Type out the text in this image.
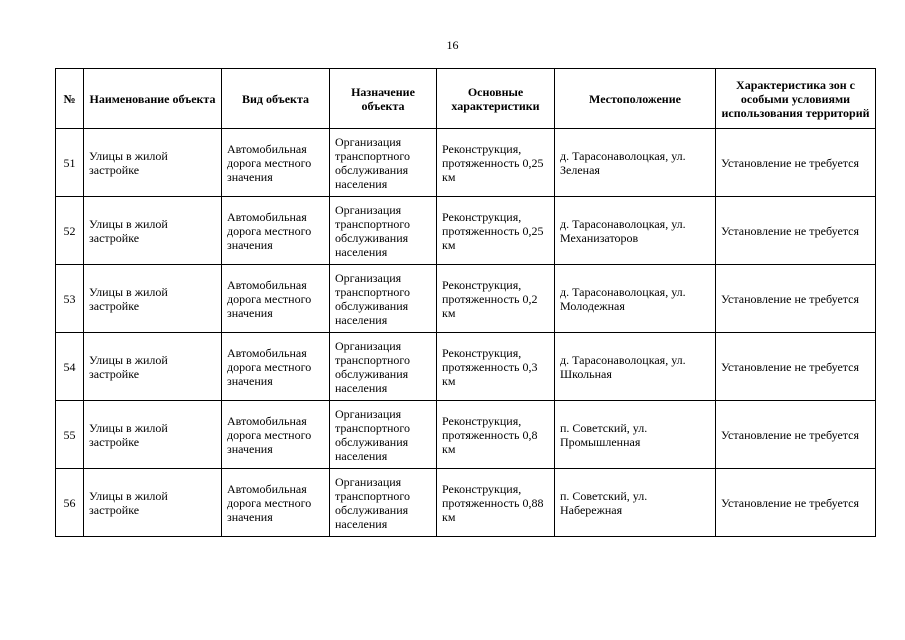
16
№	Наименование объекта	Вид объекта	Назначение объекта	Основные характеристики	Местоположение	Характеристика зон с особыми условиями использования территорий
51	Улицы в жилой застройке	Автомобильная дорога местного значения	Организация транспортного обслуживания населения	Реконструкция, протяженность 0,25 км	д. Тарасонаволоцкая, ул. Зеленая	Установление не требуется
52	Улицы в жилой застройке	Автомобильная дорога местного значения	Организация транспортного обслуживания населения	Реконструкция, протяженность 0,25 км	д. Тарасонаволоцкая, ул. Механизаторов	Установление не требуется
53	Улицы в жилой застройке	Автомобильная дорога местного значения	Организация транспортного обслуживания населения	Реконструкция, протяженность 0,2 км	д. Тарасонаволоцкая, ул. Молодежная	Установление не требуется
54	Улицы в жилой застройке	Автомобильная дорога местного значения	Организация транспортного обслуживания населения	Реконструкция, протяженность 0,3 км	д. Тарасонаволоцкая, ул. Школьная	Установление не требуется
55	Улицы в жилой застройке	Автомобильная дорога местного значения	Организация транспортного обслуживания населения	Реконструкция, протяженность 0,8 км	п. Советский, ул. Промышленная	Установление не требуется
56	Улицы в жилой застройке	Автомобильная дорога местного значения	Организация транспортного обслуживания населения	Реконструкция, протяженность 0,88 км	п. Советский, ул. Набережная	Установление не требуется
